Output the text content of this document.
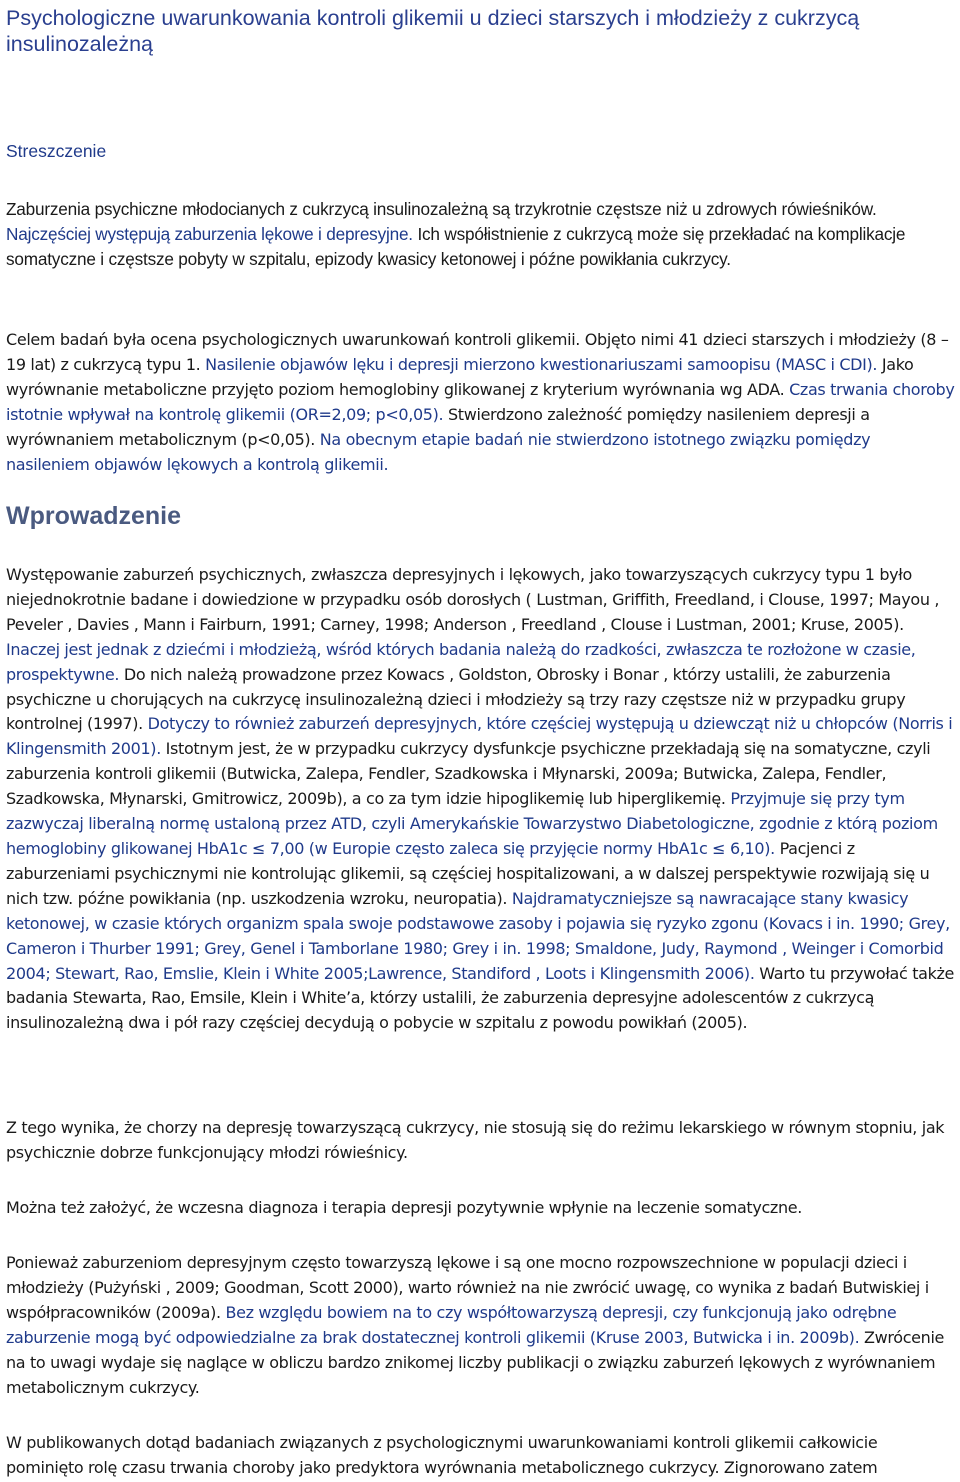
Psychologiczne uwarunkowania kontroli glikemii u dzieci starszych i młodzieży z cukrzycą insulinozależną
Streszczenie

Zaburzenia psychiczne młodocianych z cukrzycą insulinozależną są trzykrotnie częstsze niż u zdrowych rówieśników. Najczęściej występują zaburzenia lękowe i depresyjne. Ich współistnienie z cukrzycą może się przekładać na komplikacje somatyczne i częstsze pobyty w szpitalu, epizody kwasicy ketonowej i późne powikłania cukrzycy.

Celem badań była ocena psychologicznych uwarunkowań kontroli glikemii. Objęto nimi 41 dzieci starszych i młodzieży (8 – 19 lat) z cukrzycą typu 1. Nasilenie objawów lęku i depresji mierzono kwestionariuszami samoopisu (MASC i CDI). Jako wyrównanie metaboliczne przyjęto poziom hemoglobiny glikowanej z kryterium wyrównania wg ADA. Czas trwania choroby istotnie wpływał na kontrolę glikemii (OR=2,09; p<0,05). Stwierdzono zależność pomiędzy nasileniem depresji a wyrównaniem metabolicznym (p<0,05). Na obecnym etapie badań nie stwierdzono istotnego związku pomiędzy nasileniem objawów lękowych a kontrolą glikemii.

Wprowadzenie

Występowanie zaburzeń psychicznych, zwłaszcza depresyjnych i lękowych, jako towarzyszących cukrzycy typu 1 było niejednokrotnie badane i dowiedzione w przypadku osób dorosłych ( Lustman, Griffith, Freedland, i Clouse, 1997; Mayou , Peveler , Davies , Mann i Fairburn, 1991; Carney, 1998; Anderson , Freedland , Clouse i Lustman, 2001; Kruse, 2005). Inaczej jest jednak z dziećmi i młodzieżą, wśród których badania należą do rzadkości, zwłaszcza te rozłożone w czasie, prospektywne. Do nich należą prowadzone przez Kowacs , Goldston, Obrosky i Bonar , którzy ustalili, że zaburzenia psychiczne u chorujących na cukrzycę insulinozależną dzieci i młodzieży są trzy razy częstsze niż w przypadku grupy kontrolnej (1997). Dotyczy to również zaburzeń depresyjnych, które częściej występują u dziewcząt niż u chłopców (Norris i Klingensmith 2001). Istotnym jest, że w przypadku cukrzycy dysfunkcje psychiczne przekładają się na somatyczne, czyli zaburzenia kontroli glikemii (Butwicka, Zalepa, Fendler, Szadkowska i Młynarski, 2009a; Butwicka, Zalepa, Fendler, Szadkowska, Młynarski, Gmitrowicz, 2009b), a co za tym idzie hipoglikemię lub hiperglikemię. Przyjmuje się przy tym zazwyczaj liberalną normę ustaloną przez ATD, czyli Amerykańskie Towarzystwo Diabetologiczne, zgodnie z którą poziom hemoglobiny glikowanej HbA1c ≤ 7,00 (w Europie często zaleca się przyjęcie normy HbA1c ≤ 6,10). Pacjenci z zaburzeniami psychicznymi nie kontrolując glikemii, są częściej hospitalizowani, a w dalszej perspektywie rozwijają się u nich tzw. późne powikłania (np. uszkodzenia wzroku, neuropatia). Najdramatyczniejsze są nawracające stany kwasicy ketonowej, w czasie których organizm spala swoje podstawowe zasoby i pojawia się ryzyko zgonu (Kovacs i in. 1990; Grey, Cameron i Thurber 1991; Grey, Genel i Tamborlane 1980; Grey i in. 1998; Smaldone, Judy, Raymond , Weinger i Comorbid 2004; Stewart, Rao, Emslie, Klein i White 2005;Lawrence, Standiford , Loots i Klingensmith 2006). Warto tu przywołać także badania Stewarta, Rao, Emsile, Klein i White’a, którzy ustalili, że zaburzenia depresyjne adolescentów z cukrzycą insulinozależną dwa i pół razy częściej decydują o pobycie w szpitalu z powodu powikłań (2005).

Z tego wynika, że chorzy na depresję towarzyszącą cukrzycy, nie stosują się do reżimu lekarskiego w równym stopniu, jak psychicznie dobrze funkcjonujący młodzi rówieśnicy.

Można też założyć, że wczesna diagnoza i terapia depresji pozytywnie wpłynie na leczenie somatyczne.

Ponieważ zaburzeniom depresyjnym często towarzyszą lękowe i są one mocno rozpowszechnione w populacji dzieci i młodzieży (Pużyński , 2009; Goodman, Scott 2000), warto również na nie zwrócić uwagę, co wynika z badań Butwiskiej i współpracowników (2009a). Bez względu bowiem na to czy współtowarzyszą depresji, czy funkcjonują jako odrębne zaburzenie mogą być odpowiedzialne za brak dostatecznej kontroli glikemii (Kruse 2003, Butwicka i in. 2009b). Zwrócenie na to uwagi wydaje się naglące w obliczu bardzo znikomej liczby publikacji o związku zaburzeń lękowych z wyrównaniem metabolicznym cukrzycy.

W publikowanych dotąd badaniach związanych z psychologicznymi uwarunkowaniami kontroli glikemii całkowicie pominięto rolę czasu trwania choroby jako predyktora wyrównania metabolicznego cukrzycy. Zignorowano zatem
